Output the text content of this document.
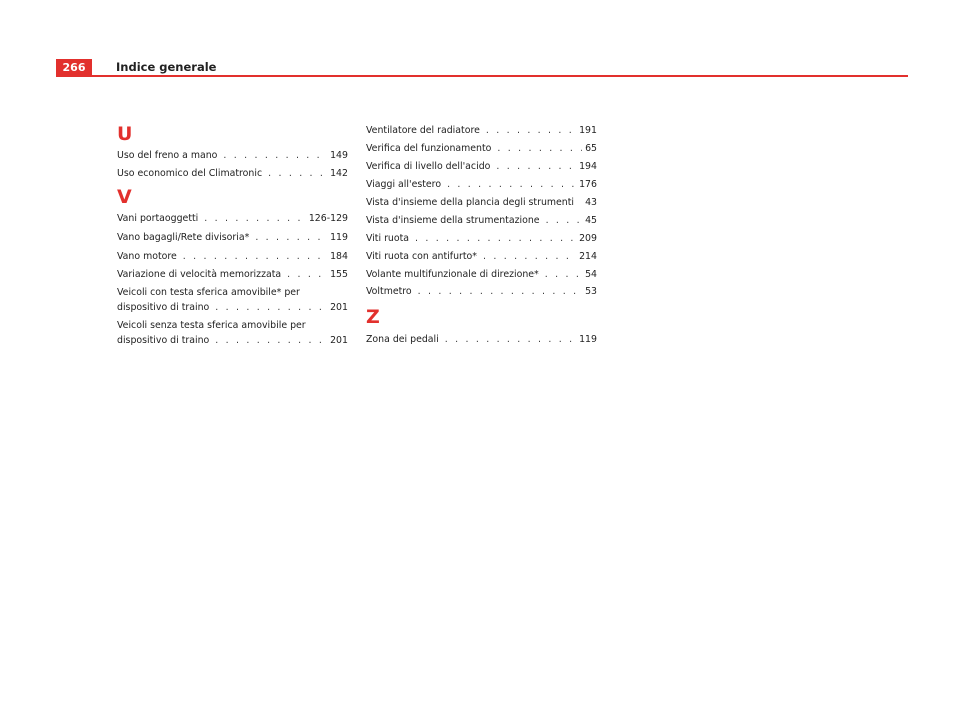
266	Indice generale
U
Uso del freno a mano . . .	149
Uso economico del Climatronic . . .	142
V
Vani portaoggetti . . .	126-129
Vano bagagli/Rete divisoria* . . .	119
Vano motore . . .	184
Variazione di velocità memorizzata . . .	155
Veicoli con testa sferica amovibile* per
dispositivo di traino . . .	201
Veicoli senza testa sferica amovibile per
dispositivo di traino . . .	201
Ventilatore del radiatore . . .	191
Verifica del funzionamento . . .	65
Verifica di livello dell'acido . . .	194
Viaggi all'estero . . .	176
Vista d'insieme della plancia degli strumenti 43
Vista d'insieme della strumentazione . . .	45
Viti ruota . . .	209
Viti ruota con antifurto* . . .	214
Volante multifunzionale di direzione* . . .	54
Voltmetro . . .	53
Z
Zona dei pedali . . .	119
